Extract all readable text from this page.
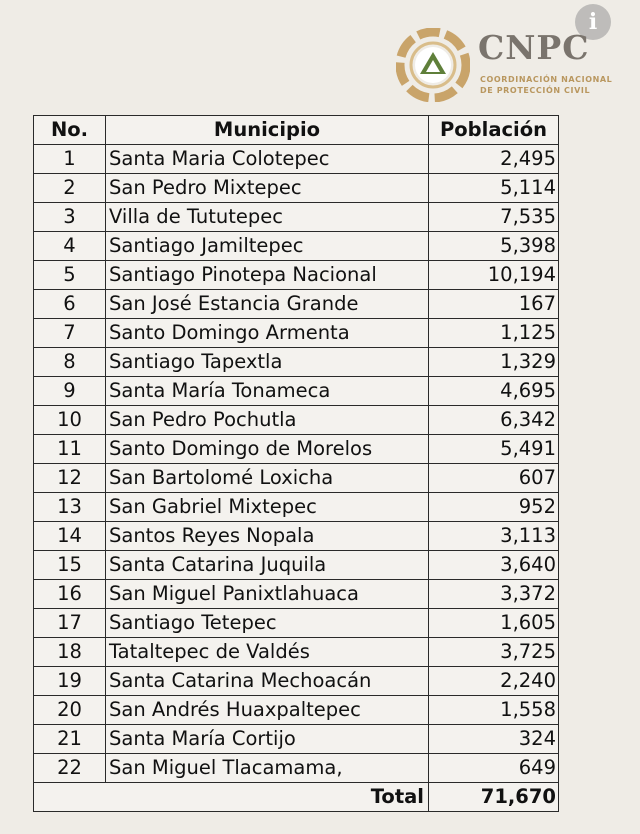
i
CNPC
COORDINACIÓN NACIONAL
DE PROTECCIÓN CIVIL
No.	Municipio	Población
1	Santa Maria Colotepec	2,495
2	San Pedro Mixtepec	5,114
3	Villa de Tututepec	7,535
4	Santiago Jamiltepec	5,398
5	Santiago Pinotepa Nacional	10,194
6	San José Estancia Grande	167
7	Santo Domingo Armenta	1,125
8	Santiago Tapextla	1,329
9	Santa María Tonameca	4,695
10	San Pedro Pochutla	6,342
11	Santo Domingo de Morelos	5,491
12	San Bartolomé Loxicha	607
13	San Gabriel Mixtepec	952
14	Santos Reyes Nopala	3,113
15	Santa Catarina Juquila	3,640
16	San Miguel Panixtlahuaca	3,372
17	Santiago Tetepec	1,605
18	Tataltepec de Valdés	3,725
19	Santa Catarina Mechoacán	2,240
20	San Andrés Huaxpaltepec	1,558
21	Santa María Cortijo	324
22	San Miguel Tlacamama,	649
Total		71,670
